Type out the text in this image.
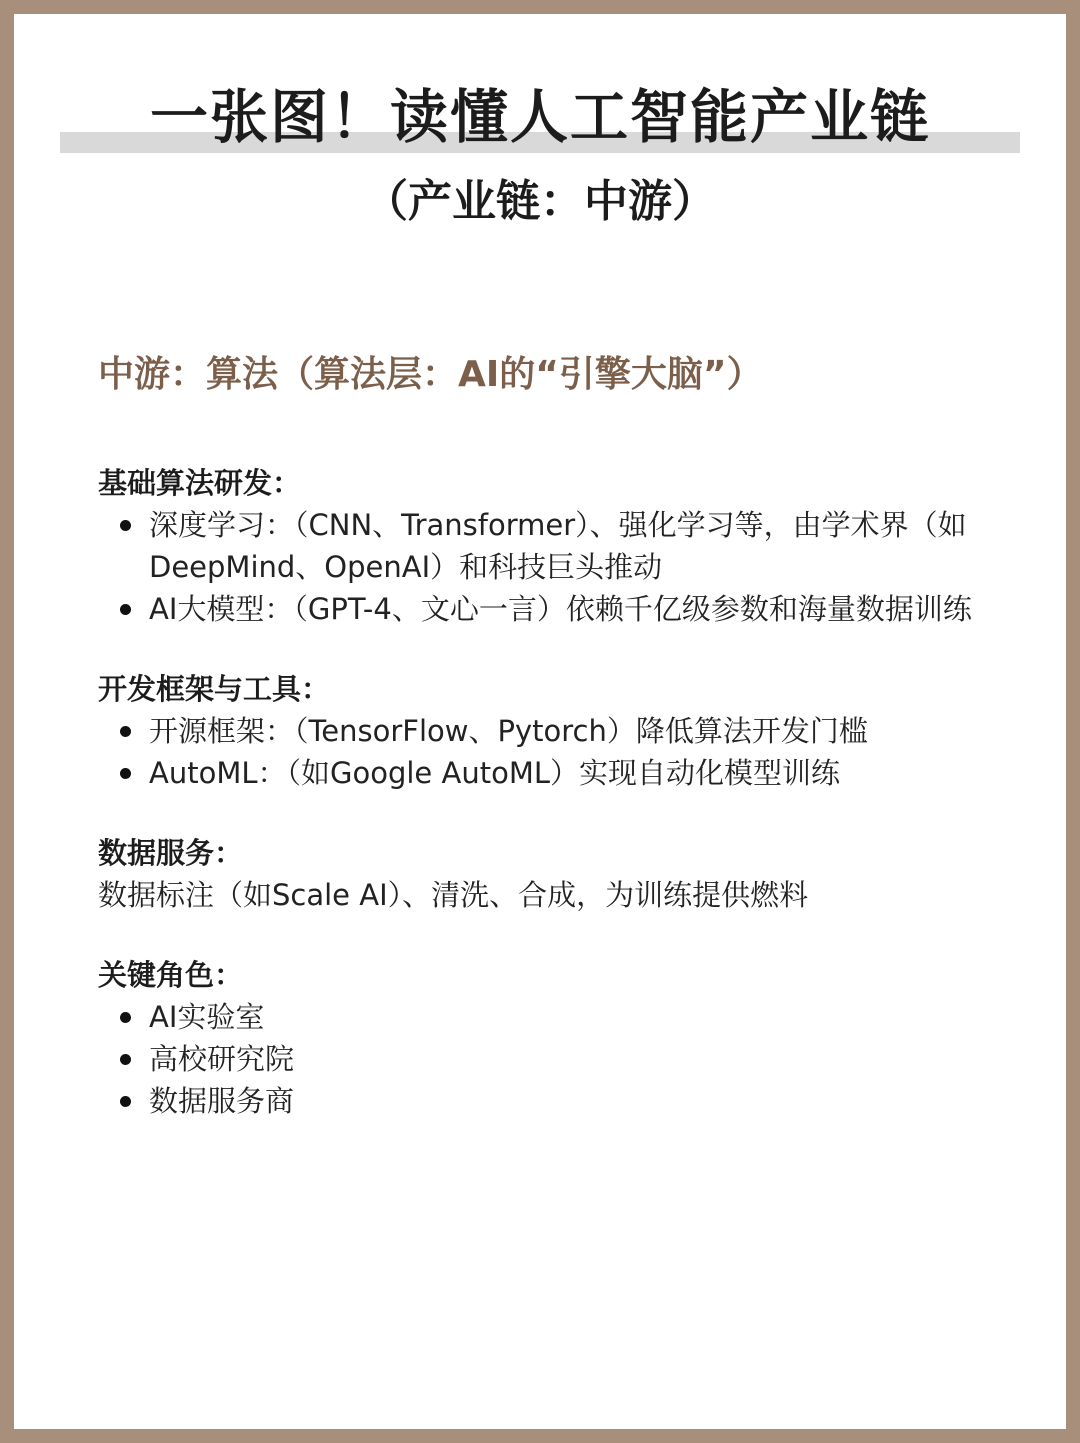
一张图！读懂人工智能产业链
（产业链：中游）
中游：算法（算法层：AI的“引擎大脑”）

基础算法研发：

深度学习：（CNN、Transformer）、强化学习等，由学术界（如DeepMind、OpenAI）和科技巨头推动
AI大模型：（GPT-4、文心一言）依赖千亿级参数和海量数据训练

开发框架与工具：

开源框架：（TensorFlow、Pytorch）降低算法开发门槛
AutoML：（如Google AutoML）实现自动化模型训练

数据服务：

数据标注（如Scale AI）、清洗、合成，为训练提供燃料

关键角色：

AI实验室
高校研究院
数据服务商
